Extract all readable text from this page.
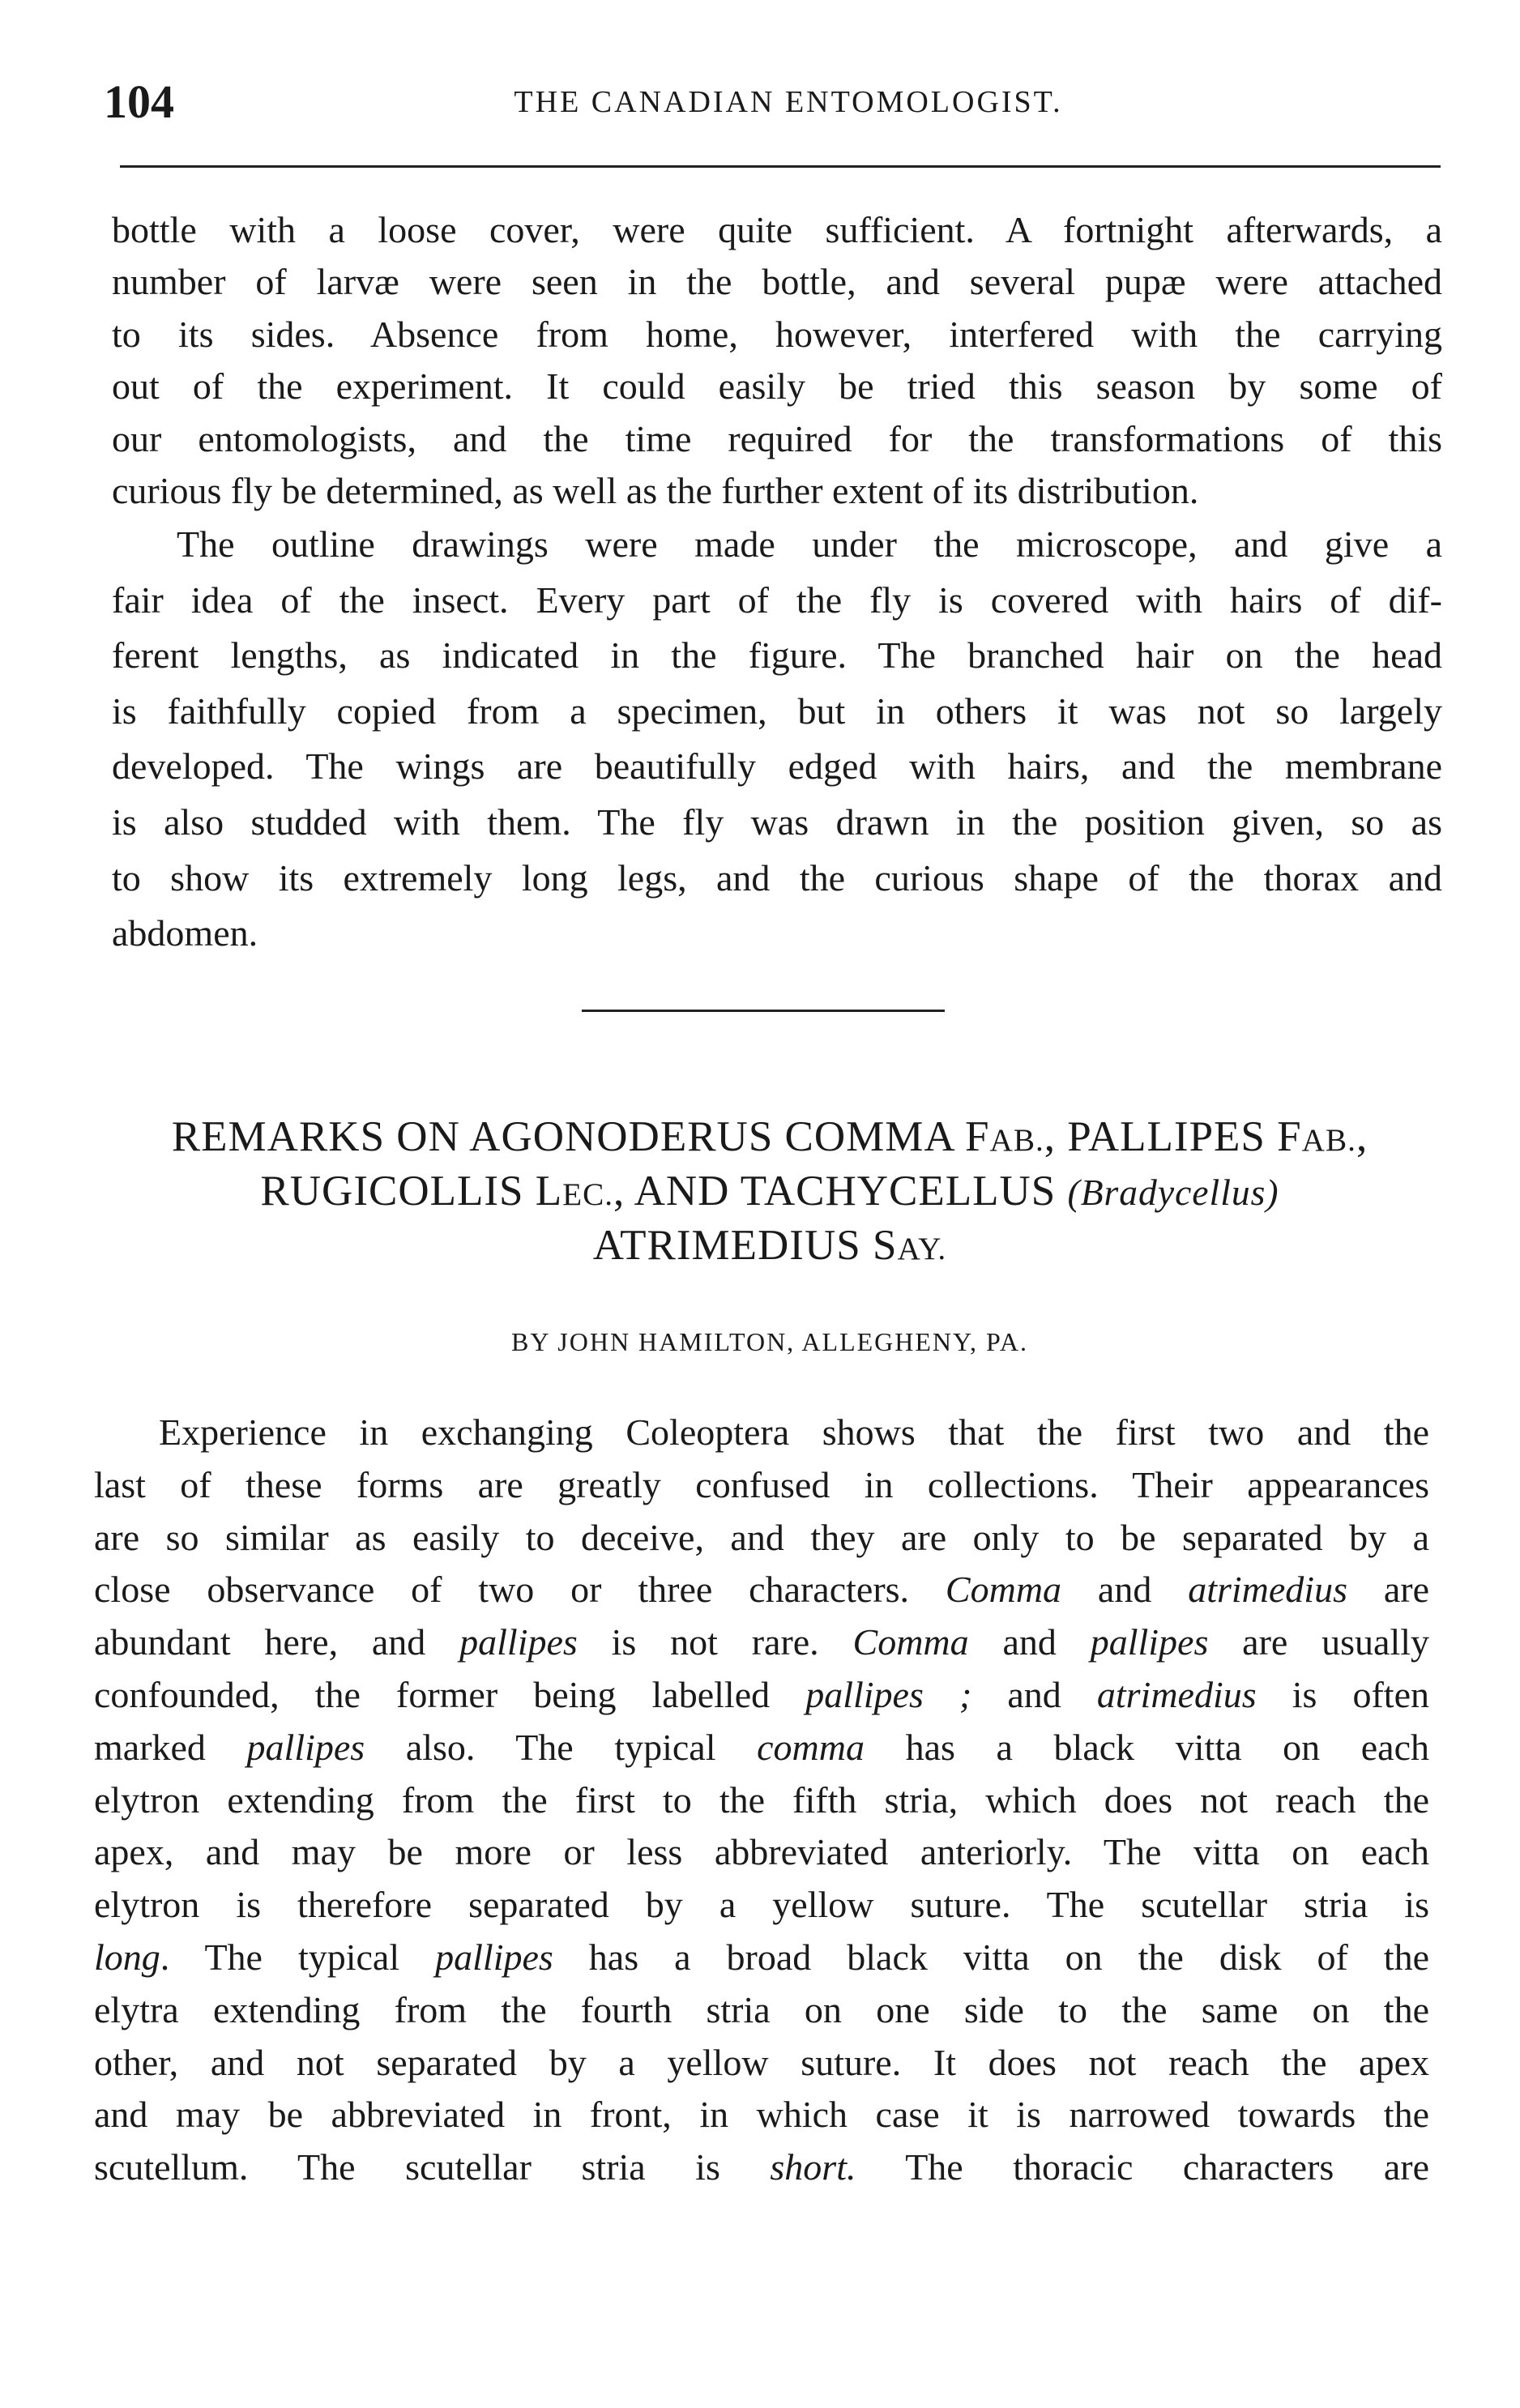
104	THE CANADIAN ENTOMOLOGIST.

bottle with a loose cover, were quite sufficient. A fortnight afterwards, a
number of larvæ were seen in the bottle, and several pupæ were attached
to its sides. Absence from home, however, interfered with the carrying
out of the experiment. It could easily be tried this season by some of
our entomologists, and the time required for the transformations of this
curious fly be determined, as well as the further extent of its distribution.

The outline drawings were made under the microscope, and give a
fair idea of the insect. Every part of the fly is covered with hairs of dif-
ferent lengths, as indicated in the figure. The branched hair on the head
is faithfully copied from a specimen, but in others it was not so largely
developed. The wings are beautifully edged with hairs, and the membrane
is also studded with them. The fly was drawn in the position given, so as
to show its extremely long legs, and the curious shape of the thorax and
abdomen.

REMARKS ON AGONODERUS COMMA FAB., PALLIPES FAB.,
RUGICOLLIS LEC., AND TACHYCELLUS (Bradycellus)
ATRIMEDIUS SAY.
BY JOHN HAMILTON, ALLEGHENY, PA.

Experience in exchanging Coleoptera shows that the first two and the
last of these forms are greatly confused in collections. Their appearances
are so similar as easily to deceive, and they are only to be separated by a
close observance of two or three characters. Comma and atrimedius are
abundant here, and pallipes is not rare. Comma and pallipes are usually
confounded, the former being labelled pallipes ; and atrimedius is often
marked pallipes also. The typical comma has a black vitta on each
elytron extending from the first to the fifth stria, which does not reach the
apex, and may be more or less abbreviated anteriorly. The vitta on each
elytron is therefore separated by a yellow suture. The scutellar stria is
long. The typical pallipes has a broad black vitta on the disk of the
elytra extending from the fourth stria on one side to the same on the
other, and not separated by a yellow suture. It does not reach the apex
and may be abbreviated in front, in which case it is narrowed towards the
scutellum. The scutellar stria is short. The thoracic characters are
